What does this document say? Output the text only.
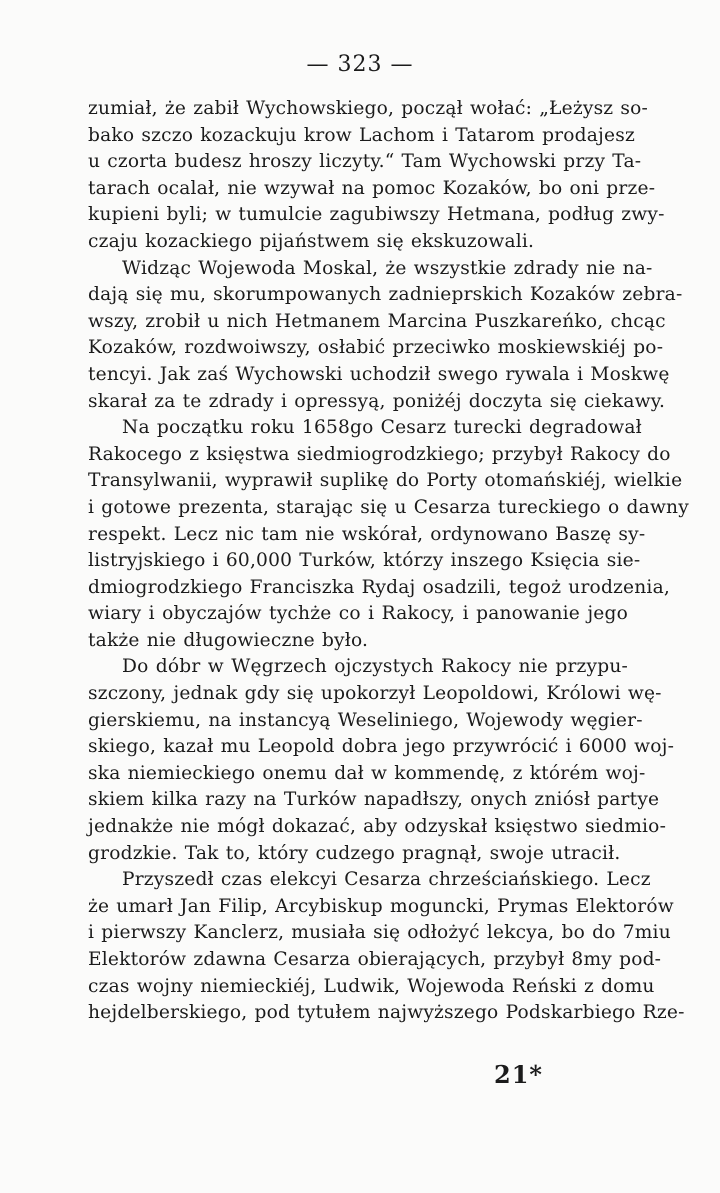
— 323 —
zumiał, że zabił Wychowskiego, począł wołać: „Łeżysz so-
bako szczo kozackuju krow Lachom i Tatarom prodajesz
u czorta budesz hroszy liczyty.“ Tam Wychowski przy Ta-
tarach ocalał, nie wzywał na pomoc Kozaków, bo oni prze-
kupieni byli; w tumulcie zagubiwszy Hetmana, podług zwy-
czaju kozackiego pijaństwem się ekskuzowali.
Widząc Wojewoda Moskal, że wszystkie zdrady nie na-
dają się mu, skorumpowanych zadnieprskich Kozaków zebra-
wszy, zrobił u nich Hetmanem Marcina Puszkareńko, chcąc
Kozaków, rozdwoiwszy, osłabić przeciwko moskiewskiéj po-
tencyi. Jak zaś Wychowski uchodził swego rywala i Moskwę
skarał za te zdrady i opressyą, poniżéj doczyta się ciekawy.
Na początku roku 1658go Cesarz turecki degradował
Rakocego z księstwa siedmiogrodzkiego; przybył Rakocy do
Transylwanii, wyprawił suplikę do Porty otomańskiéj, wielkie
i gotowe prezenta, starając się u Cesarza tureckiego o dawny
respekt. Lecz nic tam nie wskórał, ordynowano Baszę sy-
listryjskiego i 60,000 Turków, którzy inszego Księcia sie-
dmiogrodzkiego Franciszka Rydaj osadzili, tegoż urodzenia,
wiary i obyczajów tychże co i Rakocy, i panowanie jego
także nie długowieczne było.
Do dóbr w Węgrzech ojczystych Rakocy nie przypu-
szczony, jednak gdy się upokorzył Leopoldowi, Królowi wę-
gierskiemu, na instancyą Weseliniego, Wojewody węgier-
skiego, kazał mu Leopold dobra jego przywrócić i 6000 woj-
ska niemieckiego onemu dał w kommendę, z którém woj-
skiem kilka razy na Turków napadłszy, onych zniósł partye
jednakże nie mógł dokazać, aby odzyskał księstwo siedmio-
grodzkie. Tak to, który cudzego pragnął, swoje utracił.
Przyszedł czas elekcyi Cesarza chrześciańskiego. Lecz
że umarł Jan Filip, Arcybiskup moguncki, Prymas Elektorów
i pierwszy Kanclerz, musiała się odłożyć lekcya, bo do 7miu
Elektorów zdawna Cesarza obierających, przybył 8my pod-
czas wojny niemieckiéj, Ludwik, Wojewoda Reński z domu
hejdelberskiego, pod tytułem najwyższego Podskarbiego Rze-
21*
